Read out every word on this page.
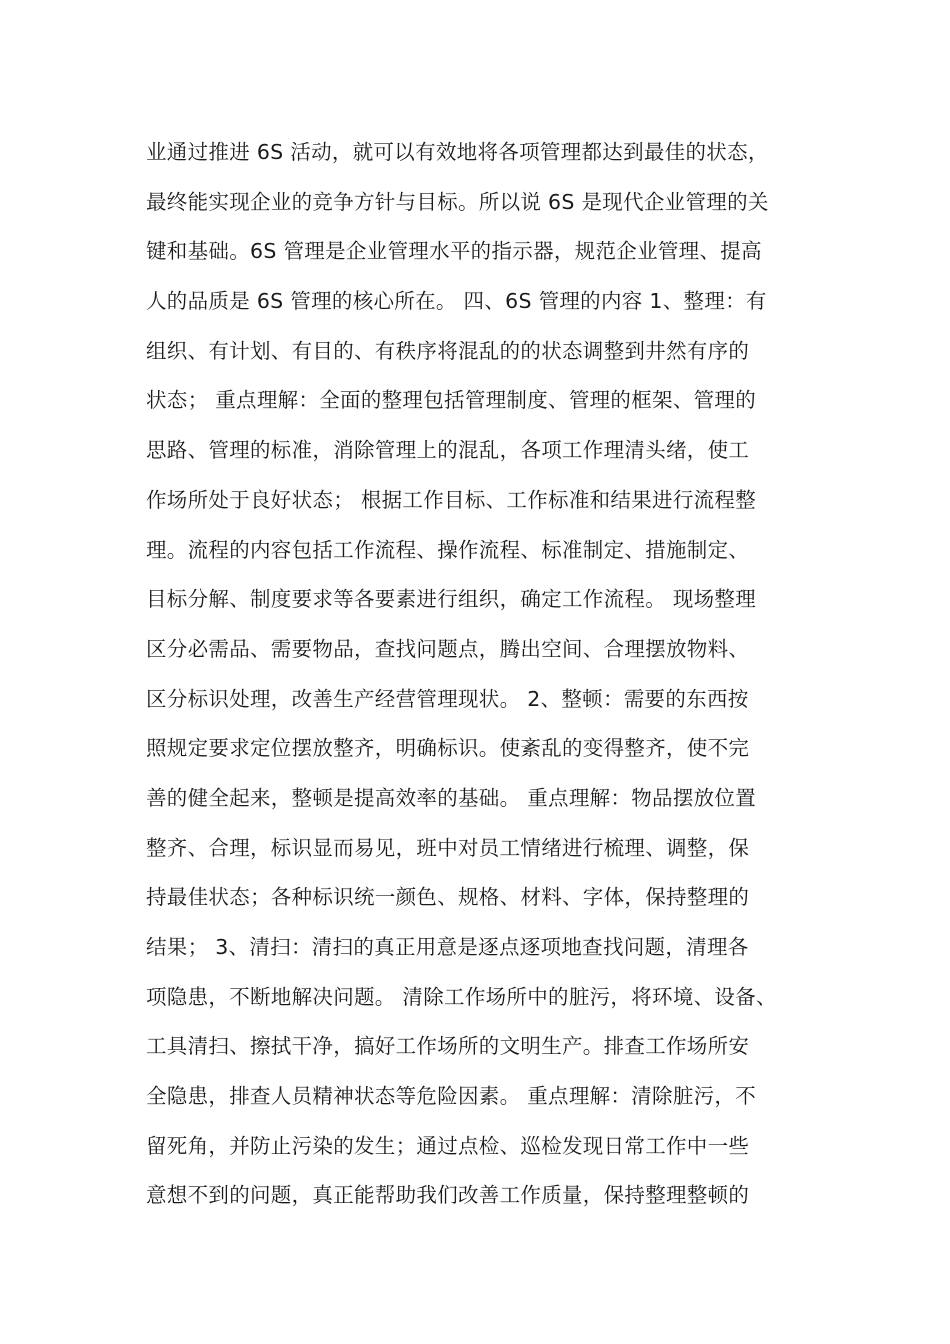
业通过推进 6S 活动，就可以有效地将各项管理都达到最佳的状态，
最终能实现企业的竞争方针与目标。所以说 6S 是现代企业管理的关
键和基础。6S 管理是企业管理水平的指示器，规范企业管理、提高
人的品质是 6S 管理的核心所在。 四、6S 管理的内容 1、整理：有
组织、有计划、有目的、有秩序将混乱的的状态调整到井然有序的
状态； 重点理解：全面的整理包括管理制度、管理的框架、管理的
思路、管理的标准，消除管理上的混乱，各项工作理清头绪，使工
作场所处于良好状态； 根据工作目标、工作标准和结果进行流程整
理。流程的内容包括工作流程、操作流程、标准制定、措施制定、
目标分解、制度要求等各要素进行组织，确定工作流程。 现场整理
区分必需品、需要物品，查找问题点，腾出空间、合理摆放物料、
区分标识处理，改善生产经营管理现状。 2、整顿：需要的东西按
照规定要求定位摆放整齐，明确标识。使紊乱的变得整齐，使不完
善的健全起来，整顿是提高效率的基础。 重点理解：物品摆放位置
整齐、合理，标识显而易见，班中对员工情绪进行梳理、调整，保
持最佳状态；各种标识统一颜色、规格、材料、字体，保持整理的
结果； 3、清扫：清扫的真正用意是逐点逐项地查找问题，清理各
项隐患，不断地解决问题。 清除工作场所中的脏污，将环境、设备、
工具清扫、擦拭干净，搞好工作场所的文明生产。排查工作场所安
全隐患，排查人员精神状态等危险因素。 重点理解：清除脏污，不
留死角，并防止污染的发生；通过点检、巡检发现日常工作中一些
意想不到的问题，真正能帮助我们改善工作质量，保持整理整顿的
